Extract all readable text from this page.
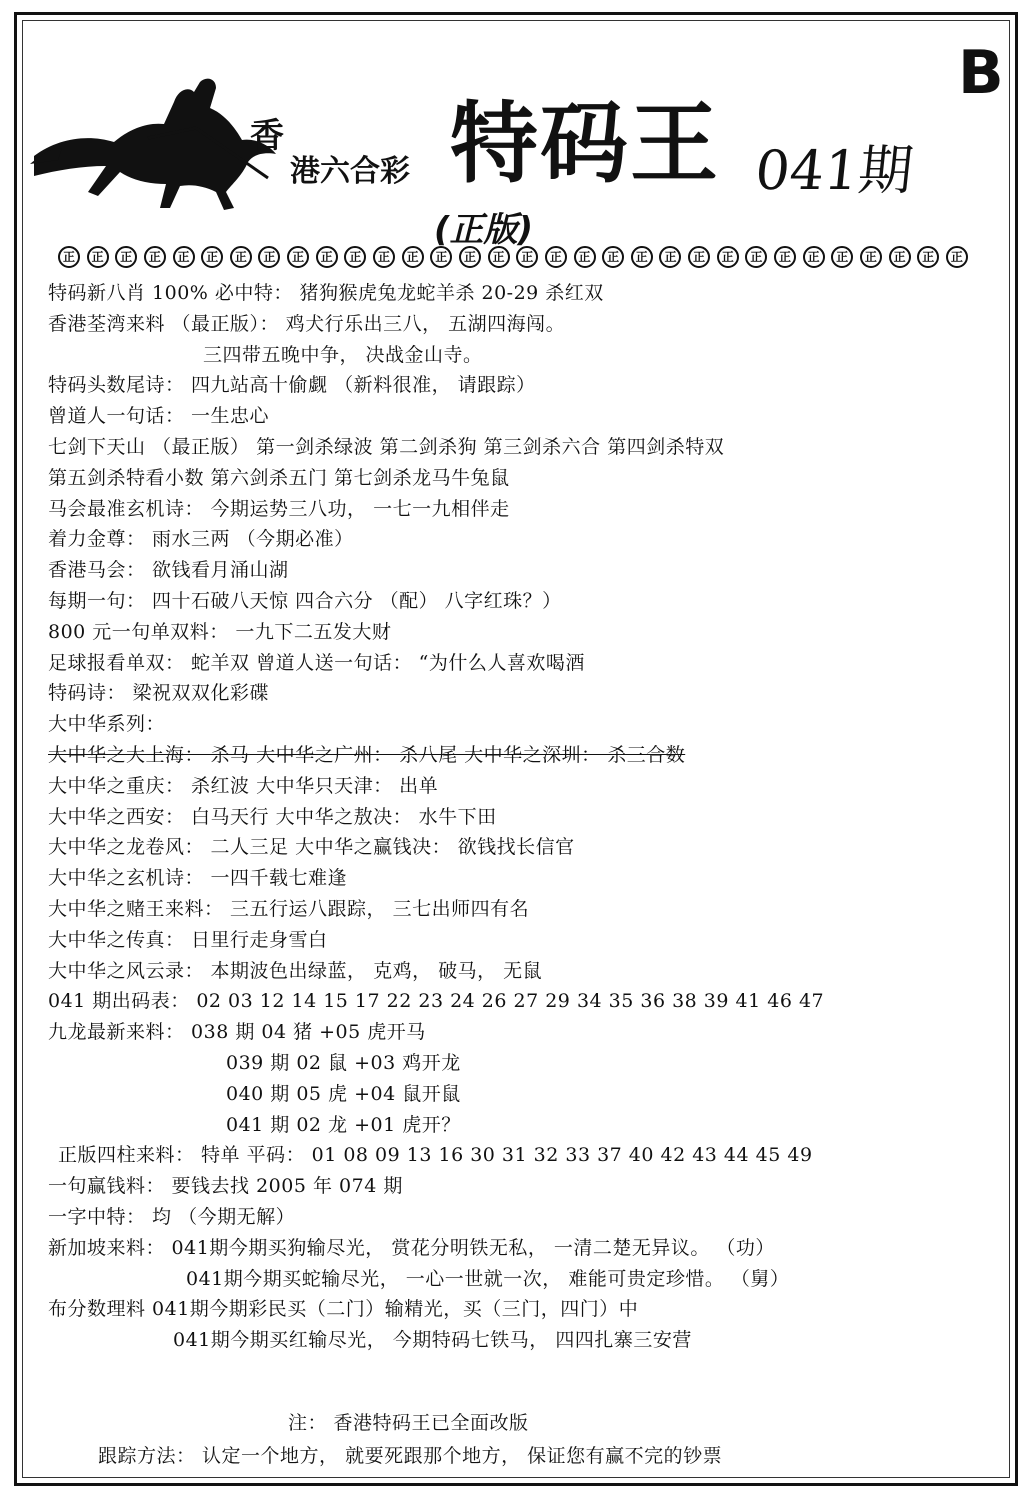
B
香
港六合彩 特码王 041期
(正版)
正	正	正	正	正	正	正	正	正	正	正	正	正	正	正	正	正	正	正	正	正	正	正	正	正	正	正	正	正	正	正	正
特码新八肖 100% 必中特： 猪狗猴虎兔龙蛇羊杀 20-29 杀红双
香港荃湾来料 （最正版）： 鸡犬行乐出三八， 五湖四海闯。
三四带五晚中争， 决战金山寺。
特码头数尾诗： 四九站高十偷觑 （新料很准， 请跟踪）
曾道人一句话： 一生忠心
七剑下天山 （最正版） 第一剑杀绿波 第二剑杀狗 第三剑杀六合 第四剑杀特双
第五剑杀特看小数 第六剑杀五门 第七剑杀龙马牛兔鼠
马会最准玄机诗： 今期运势三八功， 一七一九相伴走
着力金尊： 雨水三两 （今期必准）
香港马会： 欲钱看月涌山湖
每期一句： 四十石破八天惊 四合六分 （配） 八字红珠？）
800 元一句单双料： 一九下二五发大财
足球报看单双： 蛇羊双 曾道人送一句话： “为什么人喜欢喝酒
特码诗： 梁祝双双化彩碟
大中华系列：
大中华之大上海： 杀马 大中华之广州： 杀八尾 大中华之深圳： 杀三合数
大中华之重庆： 杀红波 大中华只天津： 出单
大中华之西安： 白马天行 大中华之敖决： 水牛下田
大中华之龙卷风： 二人三足 大中华之赢钱决： 欲钱找长信官
大中华之玄机诗： 一四千载七难逢
大中华之赌王来料： 三五行运八跟踪， 三七出师四有名
大中华之传真： 日里行走身雪白
大中华之风云录： 本期波色出绿蓝， 克鸡， 破马， 无鼠
041 期出码表： 02 03 12 14 15 17 22 23 24 26 27 29 34 35 36 38 39 41 46 47
九龙最新来料： 038 期 04 猪 +05 虎开马
039 期 02 鼠 +03 鸡开龙
040 期 05 虎 +04 鼠开鼠
041 期 02 龙 +01 虎开？
正版四柱来料： 特单 平码： 01 08 09 13 16 30 31 32 33 37 40 42 43 44 45 49
一句赢钱料： 要钱去找 2005 年 074 期
一字中特： 均 （今期无解）
新加坡来料： 041期今期买狗输尽光， 赏花分明铁无私， 一清二楚无异议。 （功）
041期今期买蛇输尽光， 一心一世就一次， 难能可贵定珍惜。 （舅）
布分数理料 041期今期彩民买（二门）输精光，买（三门，四门）中
041期今期买红输尽光， 今期特码七铁马， 四四扎寨三安营
注： 香港特码王已全面改版
跟踪方法： 认定一个地方， 就要死跟那个地方， 保证您有赢不完的钞票
